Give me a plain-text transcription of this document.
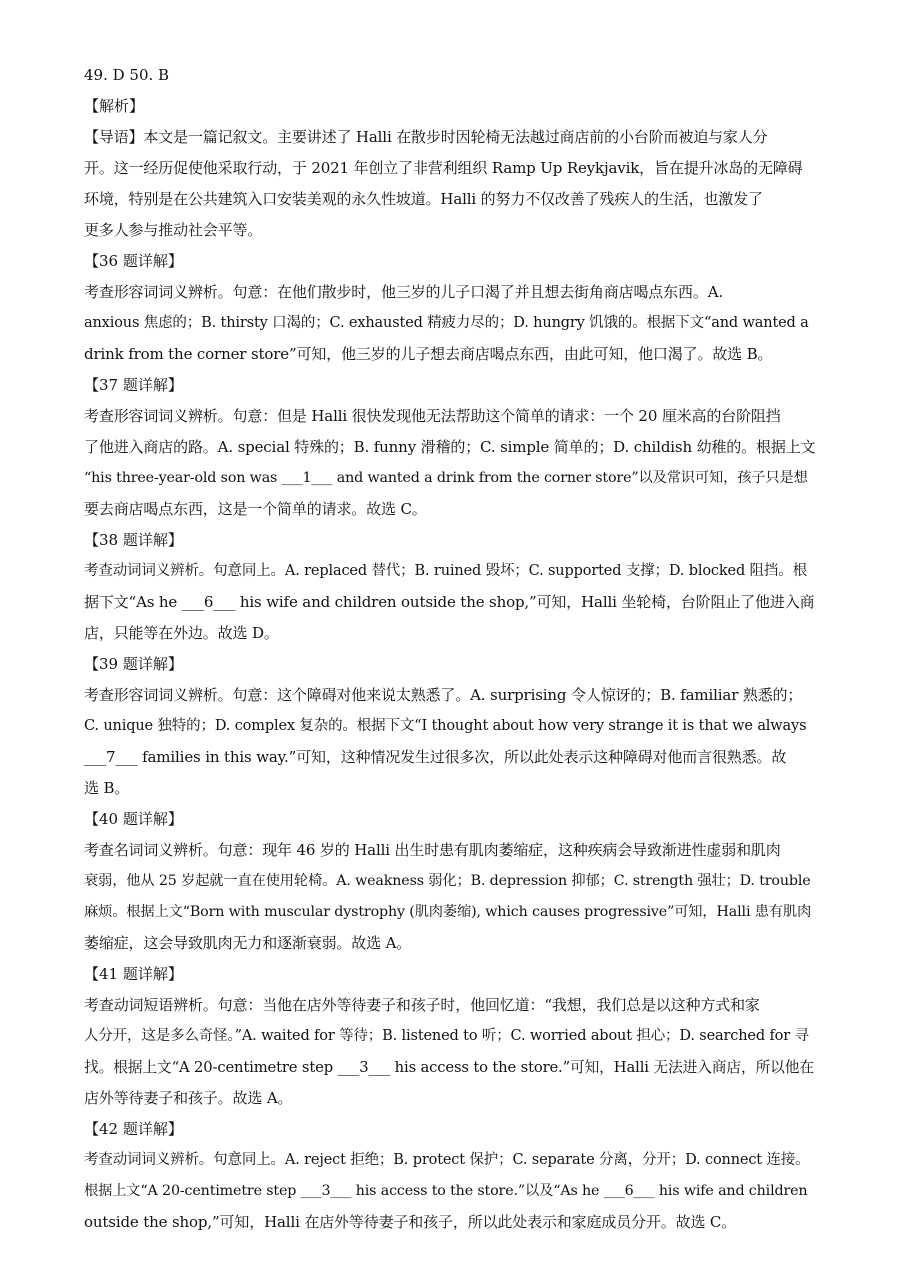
49. D 50. B
【解析】
【导语】本文是一篇记叙文。主要讲述了 Halli 在散步时因轮椅无法越过商店前的小台阶而被迫与家人分
开。这一经历促使他采取行动，于 2021 年创立了非营利组织 Ramp Up Reykjavik，旨在提升冰岛的无障碍
环境，特别是在公共建筑入口安装美观的永久性坡道。Halli 的努力不仅改善了残疾人的生活，也激发了
更多人参与推动社会平等。
【36 题详解】
考查形容词词义辨析。句意：在他们散步时，他三岁的儿子口渴了并且想去街角商店喝点东西。A.
anxious 焦虑的；B. thirsty 口渴的；C. exhausted 精疲力尽的；D. hungry 饥饿的。根据下文“and wanted a
drink from the corner store”可知，他三岁的儿子想去商店喝点东西，由此可知，他口渴了。故选 B。
【37 题详解】
考查形容词词义辨析。句意：但是 Halli 很快发现他无法帮助这个简单的请求：一个 20 厘米高的台阶阻挡
了他进入商店的路。A. special 特殊的；B. funny 滑稽的；C. simple 简单的；D. childish 幼稚的。根据上文
“his three-year-old son was ___1___ and wanted a drink from the corner store”以及常识可知，孩子只是想
要去商店喝点东西，这是一个简单的请求。故选 C。
【38 题详解】
考查动词词义辨析。句意同上。A. replaced 替代；B. ruined 毁坏；C. supported 支撑；D. blocked 阻挡。根
据下文“As he ___6___ his wife and children outside the shop,”可知，Halli 坐轮椅，台阶阻止了他进入商
店，只能等在外边。故选 D。
【39 题详解】
考查形容词词义辨析。句意：这个障碍对他来说太熟悉了。A. surprising 令人惊讶的；B. familiar 熟悉的；
C. unique 独特的；D. complex 复杂的。根据下文“I thought about how very strange it is that we always
___7___ families in this way.”可知，这种情况发生过很多次，所以此处表示这种障碍对他而言很熟悉。故
选 B。
【40 题详解】
考查名词词义辨析。句意：现年 46 岁的 Halli 出生时患有肌肉萎缩症，这种疾病会导致渐进性虚弱和肌肉
衰弱，他从 25 岁起就一直在使用轮椅。A. weakness 弱化；B. depression 抑郁；C. strength 强壮；D. trouble
麻烦。根据上文“Born with muscular dystrophy (肌肉萎缩), which causes progressive”可知，Halli 患有肌肉
萎缩症，这会导致肌肉无力和逐渐衰弱。故选 A。
【41 题详解】
考查动词短语辨析。句意：当他在店外等待妻子和孩子时，他回忆道：“我想，我们总是以这种方式和家
人分开，这是多么奇怪。”A. waited for 等待；B. listened to 听；C. worried about 担心；D. searched for 寻
找。根据上文“A 20-centimetre step ___3___ his access to the store.”可知，Halli 无法进入商店，所以他在
店外等待妻子和孩子。故选 A。
【42 题详解】
考查动词词义辨析。句意同上。A. reject 拒绝；B. protect 保护；C. separate 分离，分开；D. connect 连接。
根据上文“A 20-centimetre step ___3___ his access to the store.”以及“As he ___6___ his wife and children
outside the shop,”可知，Halli 在店外等待妻子和孩子，所以此处表示和家庭成员分开。故选 C。
